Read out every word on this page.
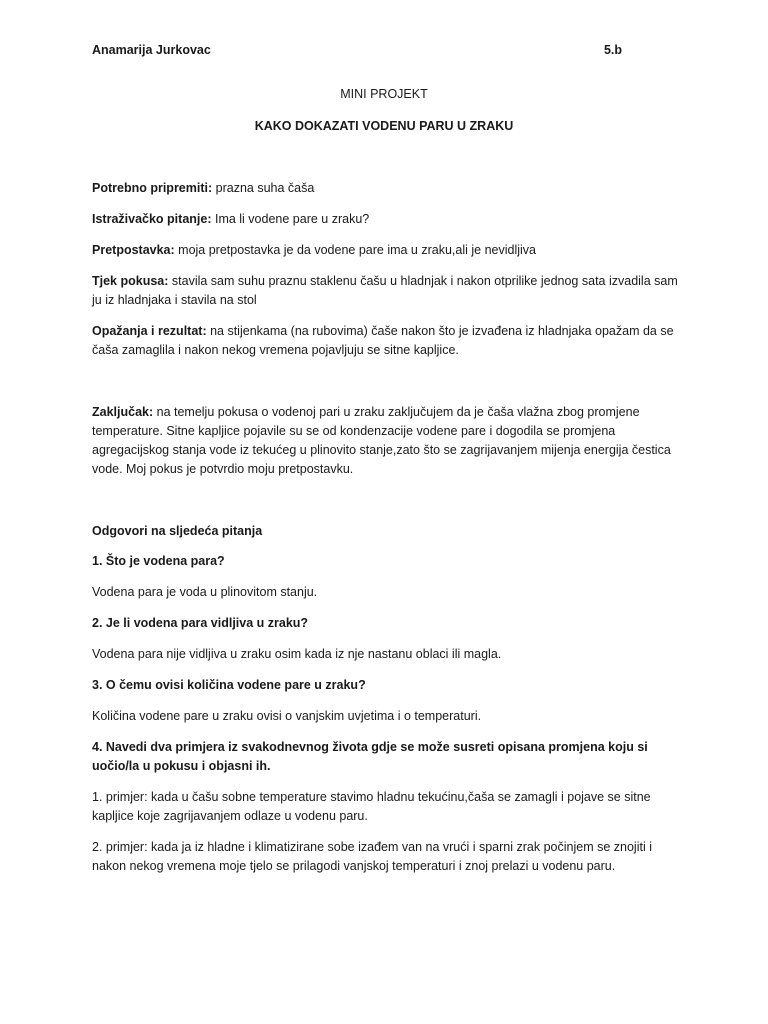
Anamarija Jurkovac	5.b
MINI PROJEKT
KAKO DOKAZATI VODENU PARU U ZRAKU
Potrebno pripremiti: prazna suha čaša
Istraživačko pitanje: Ima li vodene pare u zraku?
Pretpostavka: moja pretpostavka je da vodene pare ima u zraku,ali je nevidljiva
Tjek pokusa: stavila sam suhu praznu staklenu čašu u hladnjak i nakon otprilike jednog sata izvadila sam ju iz hladnjaka i stavila na stol
Opažanja i rezultat: na stijenkama (na rubovima) čaše nakon što je izvađena iz hladnjaka opažam da se čaša zamaglila i nakon nekog vremena pojavljuju se sitne kapljice.
Zaključak: na temelju pokusa o vodenoj pari u zraku zaključujem da je čaša vlažna zbog promjene temperature. Sitne kapljice pojavile su se od kondenzacije vodene pare i dogodila se promjena agregacijskog stanja vode iz tekućeg u plinovito stanje,zato što se zagrijavanjem mijenja energija čestica vode. Moj pokus je potvrdio moju pretpostavku.
Odgovori na sljedeća pitanja
1. Što je vodena para?
Vodena para je voda u plinovitom stanju.
2. Je li vodena para vidljiva u zraku?
Vodena para nije vidljiva u zraku osim kada iz nje nastanu oblaci ili magla.
3. O čemu ovisi količina vodene pare u zraku?
Količina vodene pare u zraku ovisi o vanjskim uvjetima i o temperaturi.
4. Navedi dva primjera iz svakodnevnog života gdje se može susreti opisana promjena koju si uočio/la u pokusu i objasni ih.
1. primjer: kada u čašu sobne temperature stavimo hladnu tekućinu,čaša se zamagli i pojave se sitne kapljice koje zagrijavanjem odlaze u vodenu paru.
2. primjer: kada ja iz hladne i klimatizirane sobe izađem van na vrući i sparni zrak počinjem se znojiti i nakon nekog vremena moje tjelo se prilagodi vanjskoj temperaturi i znoj prelazi u vodenu paru.
